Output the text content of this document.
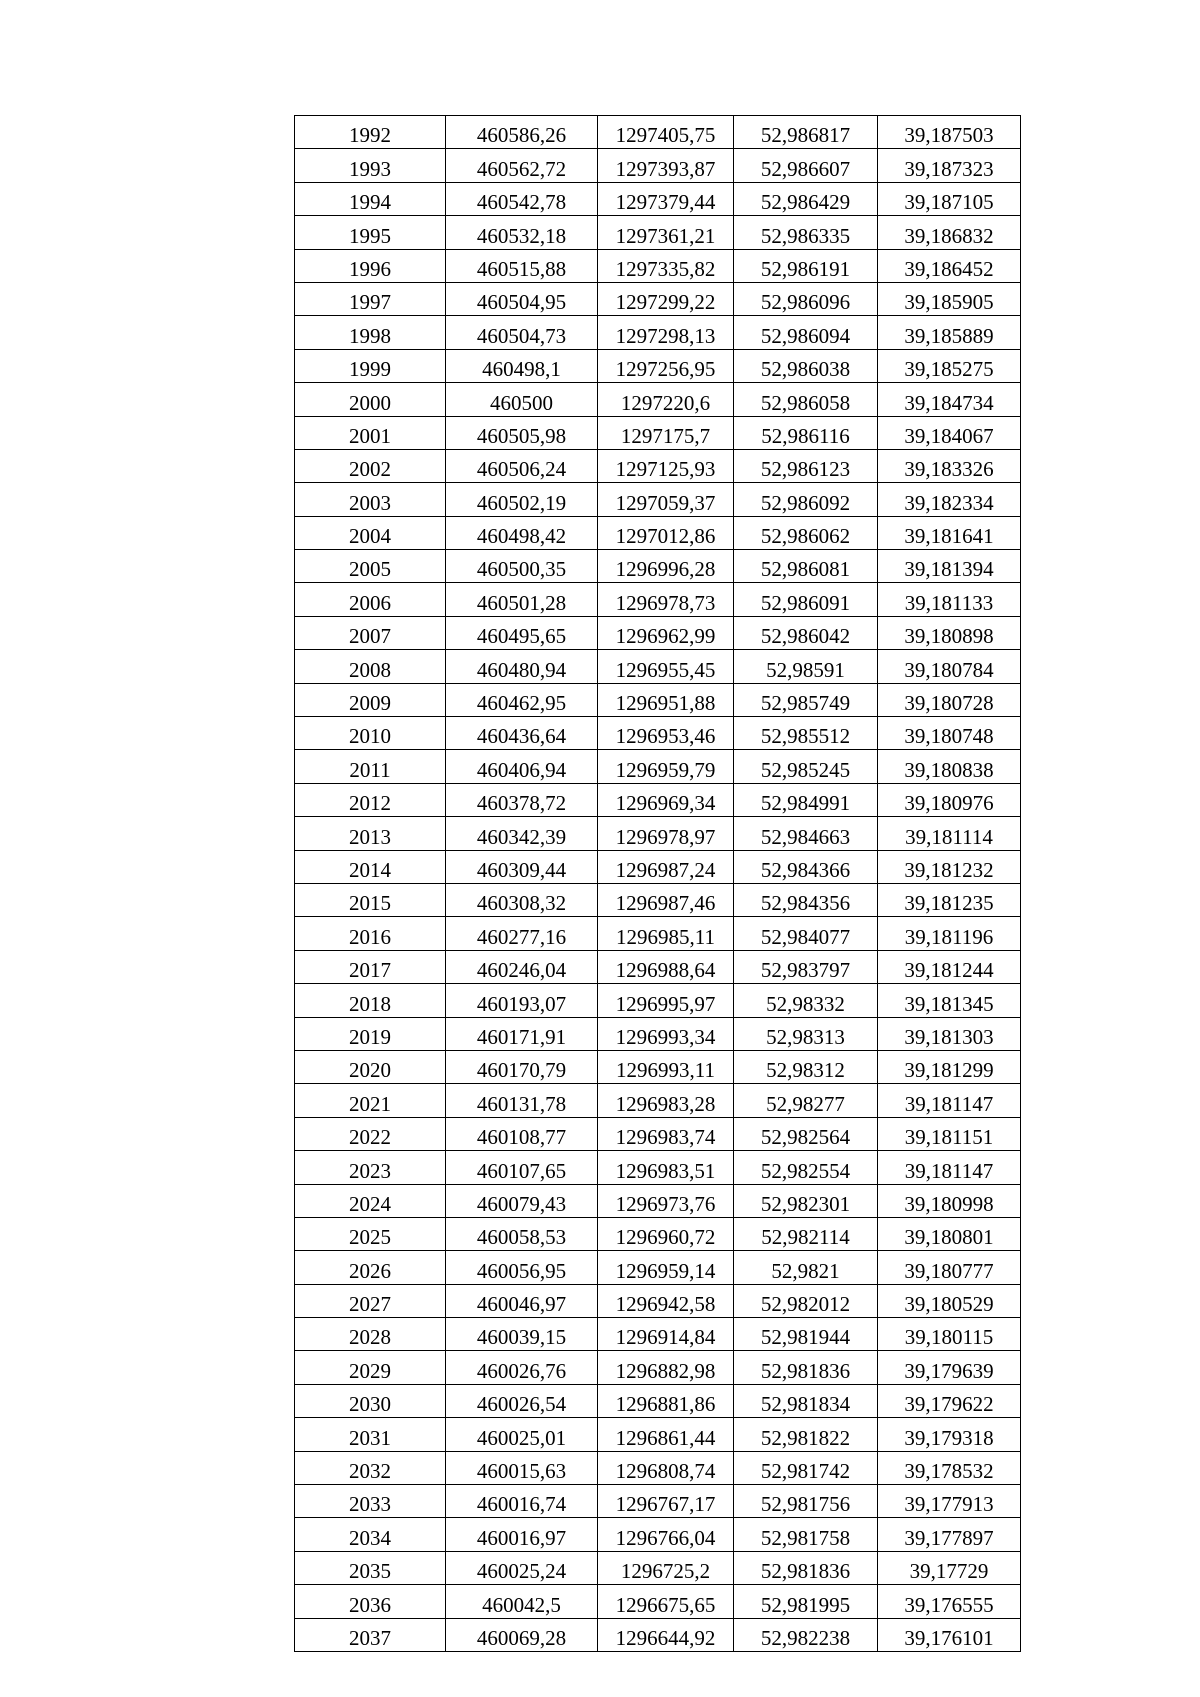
1992	460586,26	1297405,75	52,986817	39,187503
1993	460562,72	1297393,87	52,986607	39,187323
1994	460542,78	1297379,44	52,986429	39,187105
1995	460532,18	1297361,21	52,986335	39,186832
1996	460515,88	1297335,82	52,986191	39,186452
1997	460504,95	1297299,22	52,986096	39,185905
1998	460504,73	1297298,13	52,986094	39,185889
1999	460498,1	1297256,95	52,986038	39,185275
2000	460500	1297220,6	52,986058	39,184734
2001	460505,98	1297175,7	52,986116	39,184067
2002	460506,24	1297125,93	52,986123	39,183326
2003	460502,19	1297059,37	52,986092	39,182334
2004	460498,42	1297012,86	52,986062	39,181641
2005	460500,35	1296996,28	52,986081	39,181394
2006	460501,28	1296978,73	52,986091	39,181133
2007	460495,65	1296962,99	52,986042	39,180898
2008	460480,94	1296955,45	52,98591	39,180784
2009	460462,95	1296951,88	52,985749	39,180728
2010	460436,64	1296953,46	52,985512	39,180748
2011	460406,94	1296959,79	52,985245	39,180838
2012	460378,72	1296969,34	52,984991	39,180976
2013	460342,39	1296978,97	52,984663	39,181114
2014	460309,44	1296987,24	52,984366	39,181232
2015	460308,32	1296987,46	52,984356	39,181235
2016	460277,16	1296985,11	52,984077	39,181196
2017	460246,04	1296988,64	52,983797	39,181244
2018	460193,07	1296995,97	52,98332	39,181345
2019	460171,91	1296993,34	52,98313	39,181303
2020	460170,79	1296993,11	52,98312	39,181299
2021	460131,78	1296983,28	52,98277	39,181147
2022	460108,77	1296983,74	52,982564	39,181151
2023	460107,65	1296983,51	52,982554	39,181147
2024	460079,43	1296973,76	52,982301	39,180998
2025	460058,53	1296960,72	52,982114	39,180801
2026	460056,95	1296959,14	52,9821	39,180777
2027	460046,97	1296942,58	52,982012	39,180529
2028	460039,15	1296914,84	52,981944	39,180115
2029	460026,76	1296882,98	52,981836	39,179639
2030	460026,54	1296881,86	52,981834	39,179622
2031	460025,01	1296861,44	52,981822	39,179318
2032	460015,63	1296808,74	52,981742	39,178532
2033	460016,74	1296767,17	52,981756	39,177913
2034	460016,97	1296766,04	52,981758	39,177897
2035	460025,24	1296725,2	52,981836	39,17729
2036	460042,5	1296675,65	52,981995	39,176555
2037	460069,28	1296644,92	52,982238	39,176101
